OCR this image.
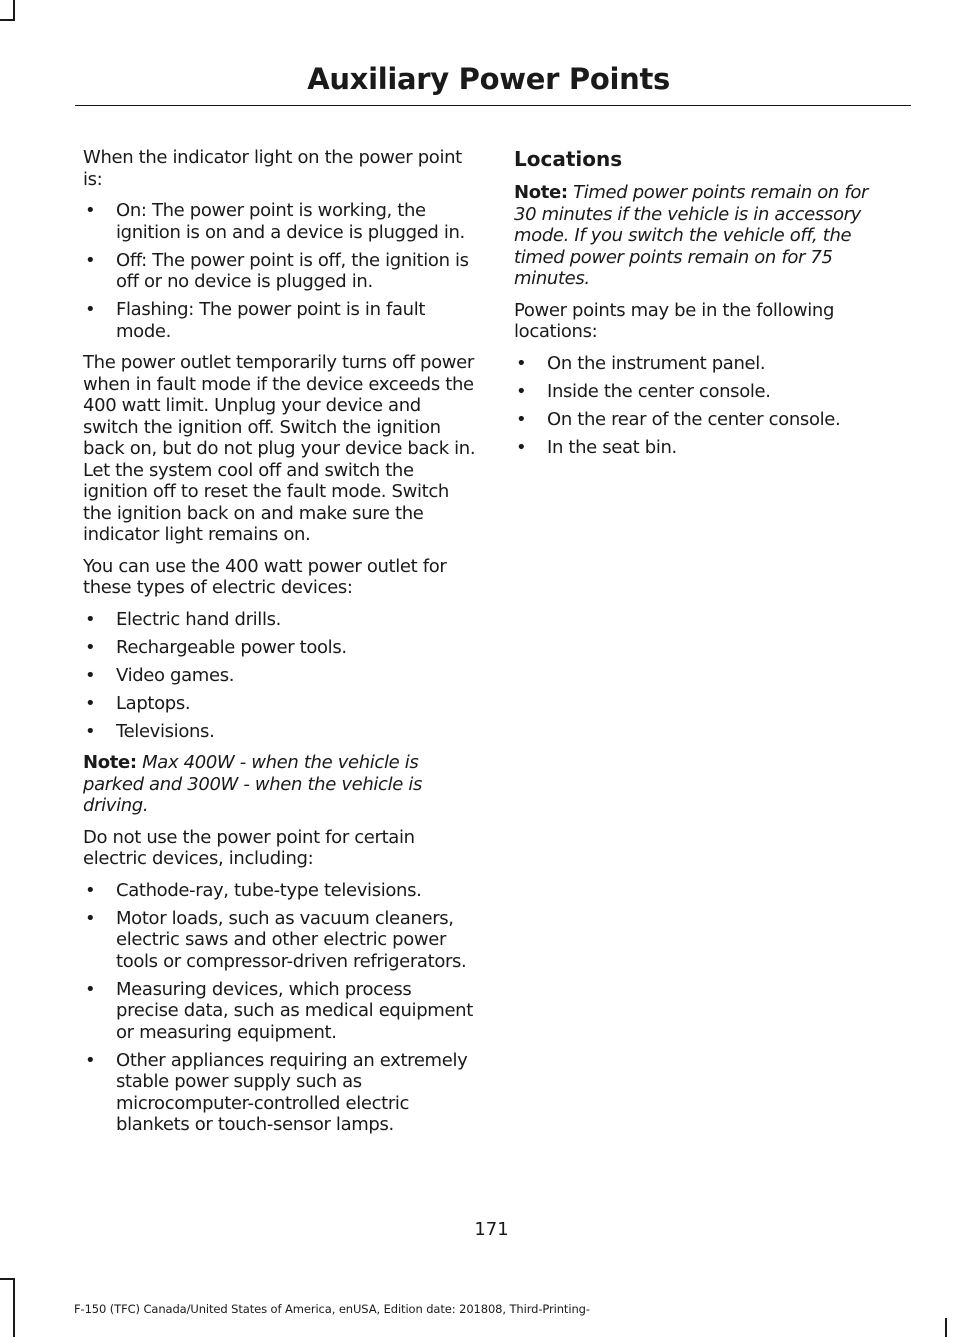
Auxiliary Power Points

When the indicator light on the power point is:

• On: The power point is working, the ignition is on and a device is plugged in.
• Off: The power point is off, the ignition is off or no device is plugged in.
• Flashing: The power point is in fault mode.

The power outlet temporarily turns off power when in fault mode if the device exceeds the 400 watt limit. Unplug your device and switch the ignition off. Switch the ignition back on, but do not plug your device back in. Let the system cool off and switch the ignition off to reset the fault mode. Switch the ignition back on and make sure the indicator light remains on.

You can use the 400 watt power outlet for these types of electric devices:

• Electric hand drills.
• Rechargeable power tools.
• Video games.
• Laptops.
• Televisions.

Note: Max 400W - when the vehicle is parked and 300W - when the vehicle is driving.

Do not use the power point for certain electric devices, including:

• Cathode-ray, tube-type televisions.
• Motor loads, such as vacuum cleaners, electric saws and other electric power tools or compressor-driven refrigerators.
• Measuring devices, which process precise data, such as medical equipment or measuring equipment.
• Other appliances requiring an extremely stable power supply such as microcomputer-controlled electric blankets or touch-sensor lamps.
Locations

Note: Timed power points remain on for 30 minutes if the vehicle is in accessory mode. If you switch the vehicle off, the timed power points remain on for 75 minutes.

Power points may be in the following locations:

• On the instrument panel.
• Inside the center console.
• On the rear of the center console.
• In the seat bin.
171
F-150 (TFC) Canada/United States of America, enUSA, Edition date: 201808, Third-Printing-
